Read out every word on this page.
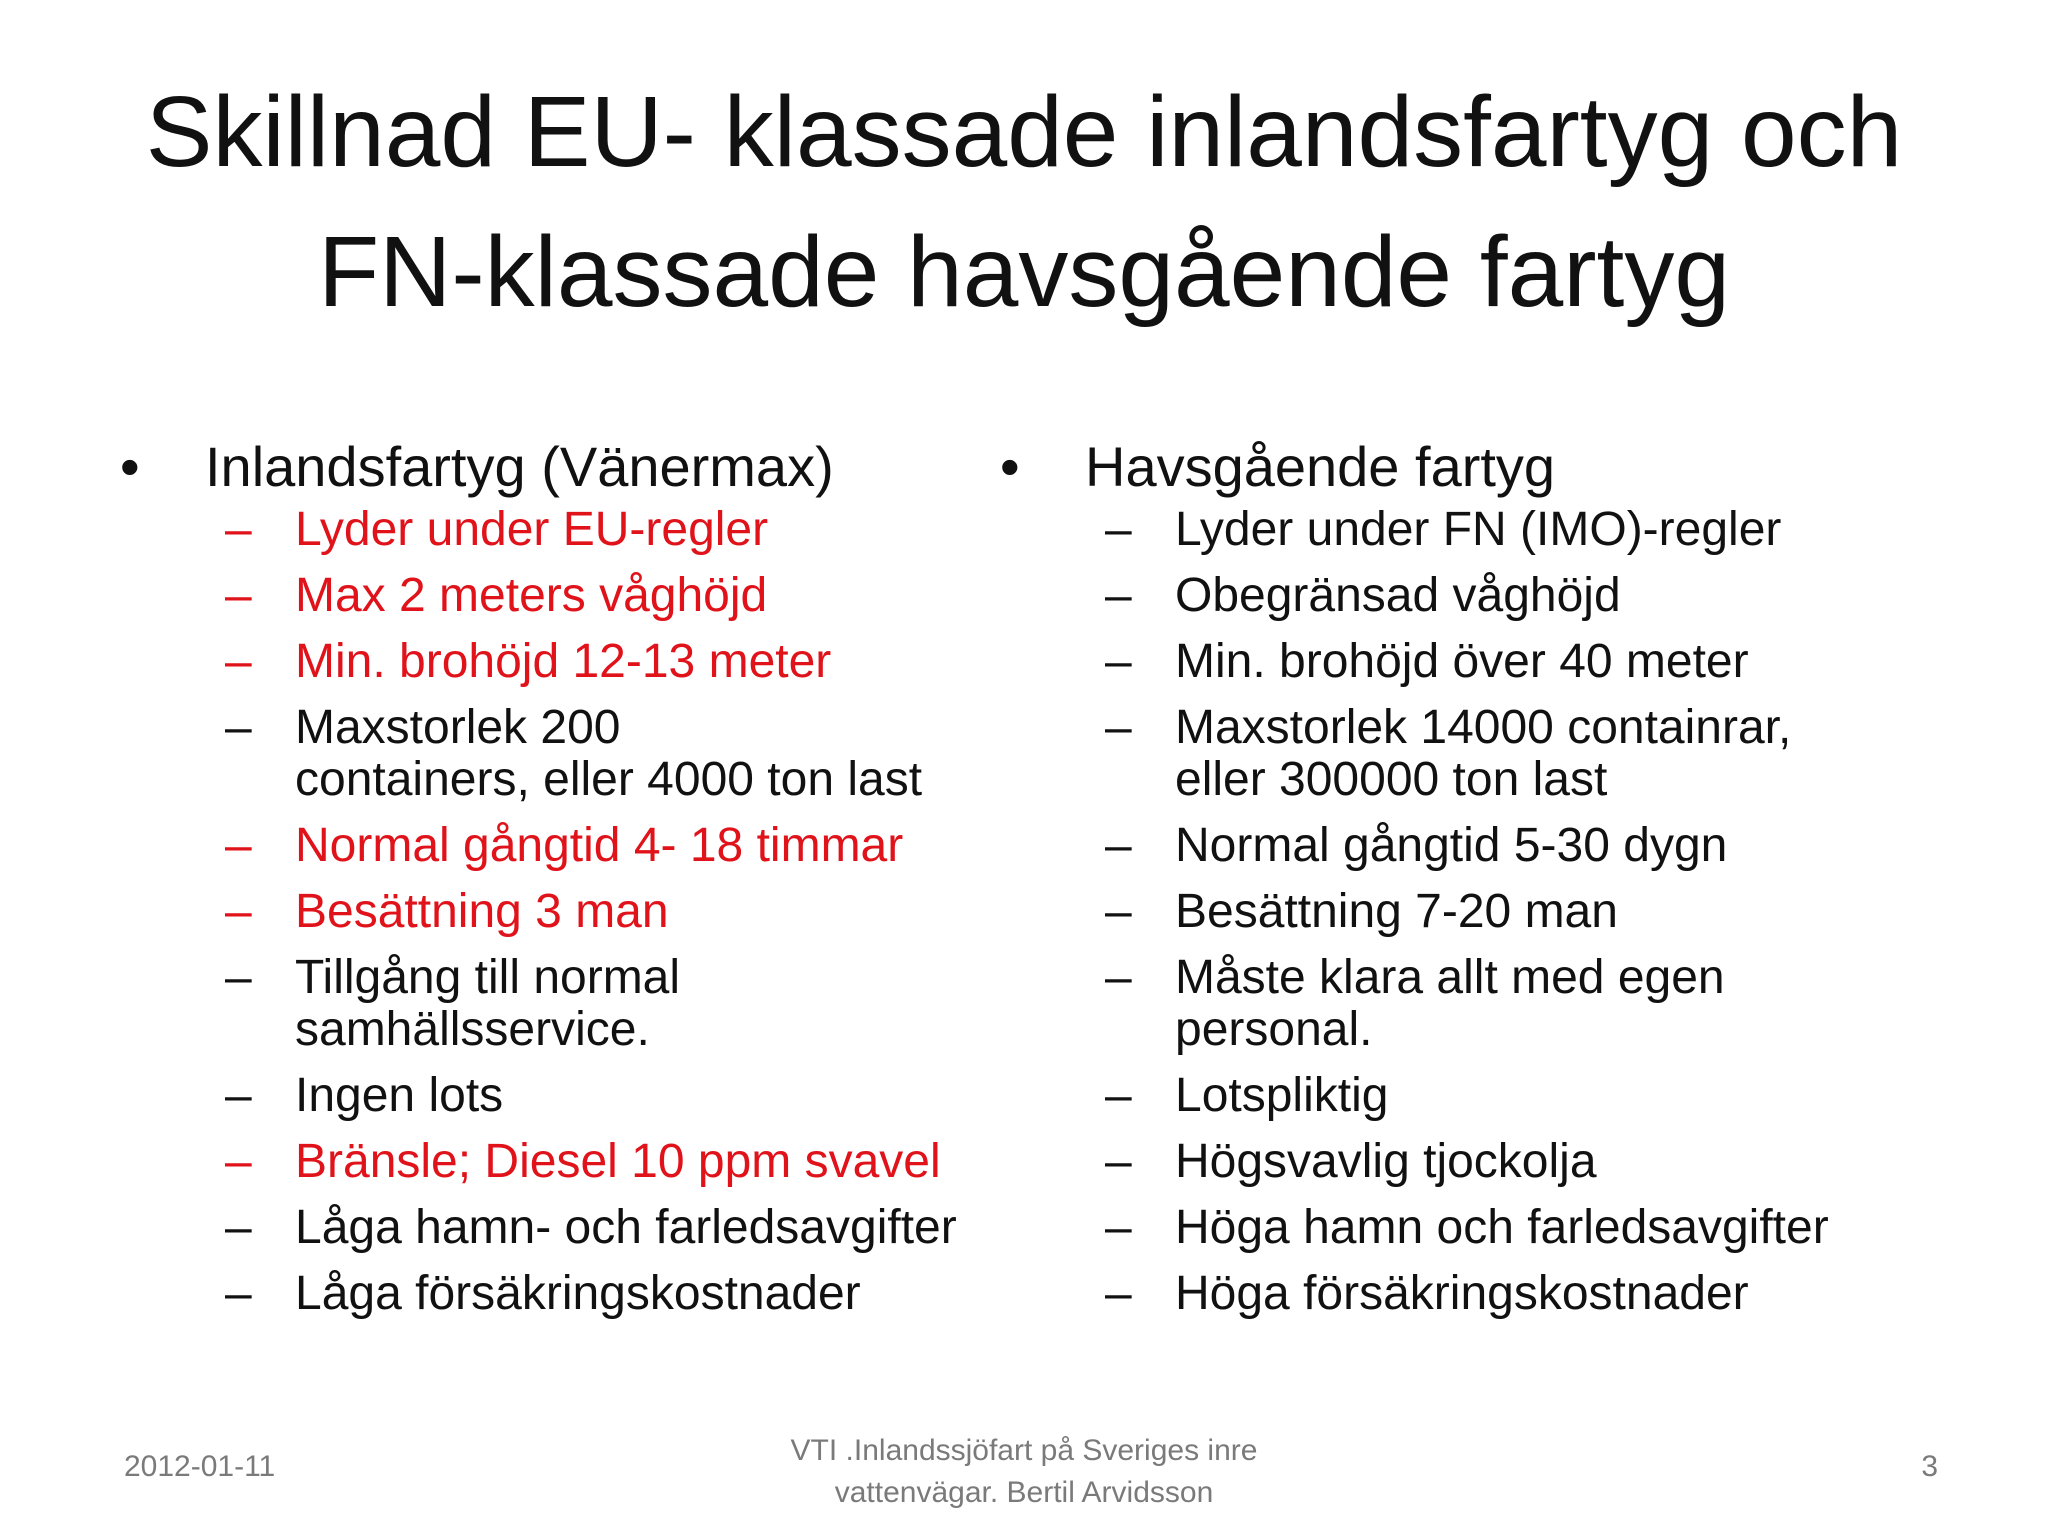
Skillnad EU- klassade inlandsfartyg och
FN-klassade havsgående fartyg
•	Inlandsfartyg (Vänermax)
– Lyder under EU-regler
– Max 2 meters våghöjd
– Min. brohöjd 12-13 meter
– Maxstorlek 200
containers, eller 4000 ton last
– Normal gångtid 4- 18 timmar
– Besättning 3 man
– Tillgång till normal
samhällsservice.
– Ingen lots
– Bränsle; Diesel 10 ppm svavel
– Låga hamn- och farledsavgifter
– Låga försäkringskostnader
•	Havsgående fartyg
– Lyder under FN (IMO)-regler
– Obegränsad våghöjd
– Min. brohöjd över 40 meter
– Maxstorlek 14000 containrar,
eller 300000 ton last
– Normal gångtid 5-30 dygn
– Besättning 7-20 man
– Måste klara allt med egen
personal.
– Lotspliktig
– Högsvavlig tjockolja
– Höga hamn och farledsavgifter
– Höga försäkringskostnader
2012-01-11	VTI .Inlandssjöfart på Sveriges inre
vattenvägar. Bertil Arvidsson
3
